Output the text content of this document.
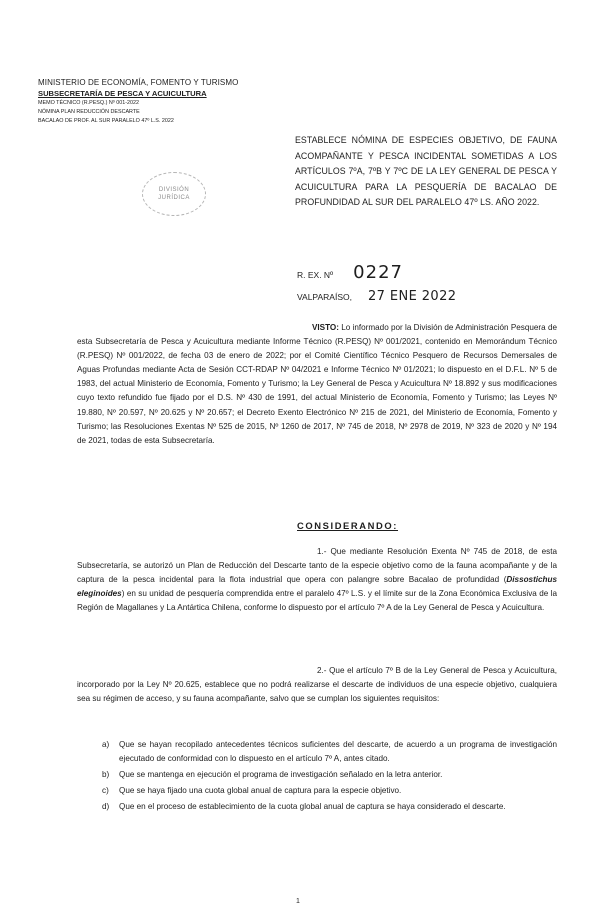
MINISTERIO DE ECONOMÍA, FOMENTO Y TURISMO
SUBSECRETARÍA DE PESCA Y ACUICULTURA
MEMO TÉCNICO (R.PESQ.) Nº 001-2022
NÓMINA PLAN REDUCCIÓN DESCARTE
BACALAO DE PROF. AL SUR PARALELO 47º L.S. 2022
DIVISIÓN
JURÍDICA
ESTABLECE NÓMINA DE ESPECIES OBJETIVO, DE FAUNA ACOMPAÑANTE Y PESCA INCIDENTAL SOMETIDAS A LOS ARTÍCULOS 7ºA, 7ºB Y 7ºC DE LA LEY GENERAL DE PESCA Y ACUICULTURA PARA LA PESQUERÍA DE BACALAO DE PROFUNDIDAD AL SUR DEL PARALELO 47º LS. AÑO 2022.
R. EX. Nº 0227
VALPARAÍSO, 27 ENE 2022
VISTO: Lo informado por la División de Administración Pesquera de esta Subsecretaría de Pesca y Acuicultura mediante Informe Técnico (R.PESQ) Nº 001/2021, contenido en Memorándum Técnico (R.PESQ) Nº 001/2022, de fecha 03 de enero de 2022; por el Comité Científico Técnico Pesquero de Recursos Demersales de Aguas Profundas mediante Acta de Sesión CCT-RDAP Nº 04/2021 e Informe Técnico Nº 01/2021; lo dispuesto en el D.F.L. Nº 5 de 1983, del actual Ministerio de Economía, Fomento y Turismo; la Ley General de Pesca y Acuicultura Nº 18.892 y sus modificaciones cuyo texto refundido fue fijado por el D.S. Nº 430 de 1991, del actual Ministerio de Economía, Fomento y Turismo; las Leyes Nº 19.880, Nº 20.597, Nº 20.625 y Nº 20.657; el Decreto Exento Electrónico Nº 215 de 2021, del Ministerio de Economía, Fomento y Turismo; las Resoluciones Exentas Nº 525 de 2015, Nº 1260 de 2017, Nº 745 de 2018, Nº 2978 de 2019, Nº 323 de 2020 y Nº 194 de 2021, todas de esta Subsecretaría.
CONSIDERANDO:
1.- Que mediante Resolución Exenta Nº 745 de 2018, de esta Subsecretaría, se autorizó un Plan de Reducción del Descarte tanto de la especie objetivo como de la fauna acompañante y de la captura de la pesca incidental para la flota industrial que opera con palangre sobre Bacalao de profundidad (Dissostichus eleginoides) en su unidad de pesquería comprendida entre el paralelo 47º L.S. y el límite sur de la Zona Económica Exclusiva de la Región de Magallanes y La Antártica Chilena, conforme lo dispuesto por el artículo 7º A de la Ley General de Pesca y Acuicultura.
2.- Que el artículo 7º B de la Ley General de Pesca y Acuicultura, incorporado por la Ley Nº 20.625, establece que no podrá realizarse el descarte de individuos de una especie objetivo, cualquiera sea su régimen de acceso, y su fauna acompañante, salvo que se cumplan los siguientes requisitos:
a) Que se hayan recopilado antecedentes técnicos suficientes del descarte, de acuerdo a un programa de investigación ejecutado de conformidad con lo dispuesto en el artículo 7º A, antes citado.
b) Que se mantenga en ejecución el programa de investigación señalado en la letra anterior.
c) Que se haya fijado una cuota global anual de captura para la especie objetivo.
d) Que en el proceso de establecimiento de la cuota global anual de captura se haya considerado el descarte.
1
